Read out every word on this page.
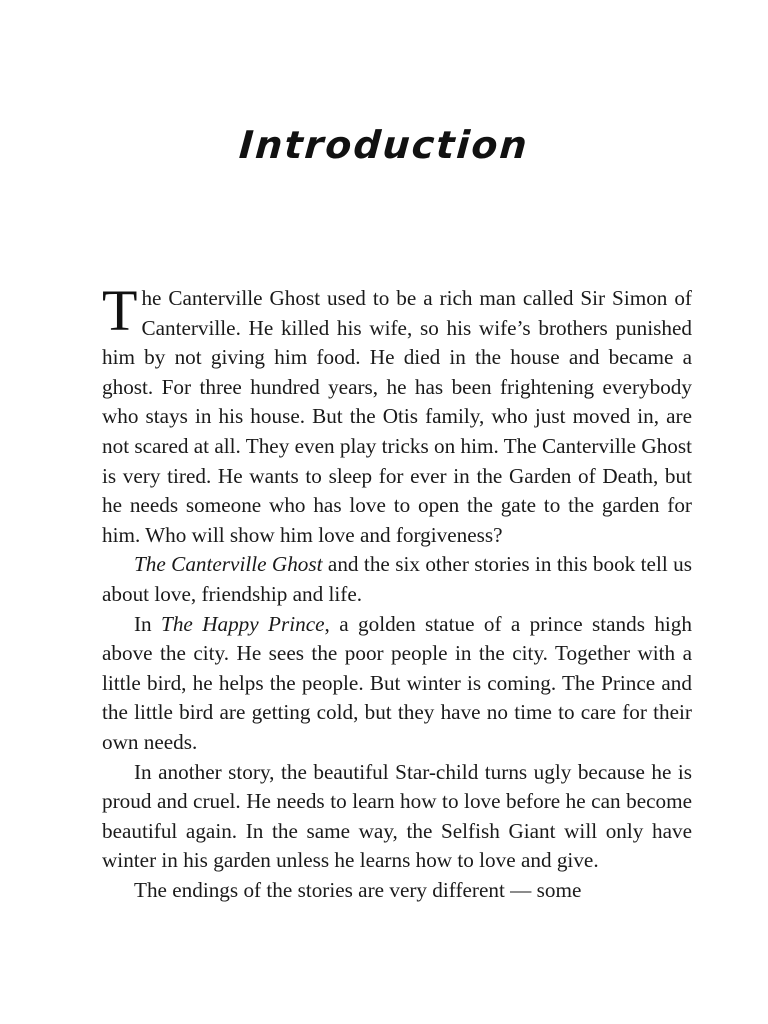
Introduction

The Canterville Ghost used to be a rich man called Sir Simon of Canterville. He killed his wife, so his wife’s brothers punished him by not giving him food. He died in the house and became a ghost. For three hundred years, he has been frightening everybody who stays in his house. But the Otis family, who just moved in, are not scared at all. They even play tricks on him. The Canterville Ghost is very tired. He wants to sleep for ever in the Garden of Death, but he needs someone who has love to open the gate to the garden for him. Who will show him love and forgiveness?

The Canterville Ghost and the six other stories in this book tell us about love, friendship and life.

In The Happy Prince, a golden statue of a prince stands high above the city. He sees the poor people in the city. Together with a little bird, he helps the people. But winter is coming. The Prince and the little bird are getting cold, but they have no time to care for their own needs.

In another story, the beautiful Star-child turns ugly because he is proud and cruel. He needs to learn how to love before he can become beautiful again. In the same way, the Selfish Giant will only have winter in his garden unless he learns how to love and give.

The endings of the stories are very different — some
